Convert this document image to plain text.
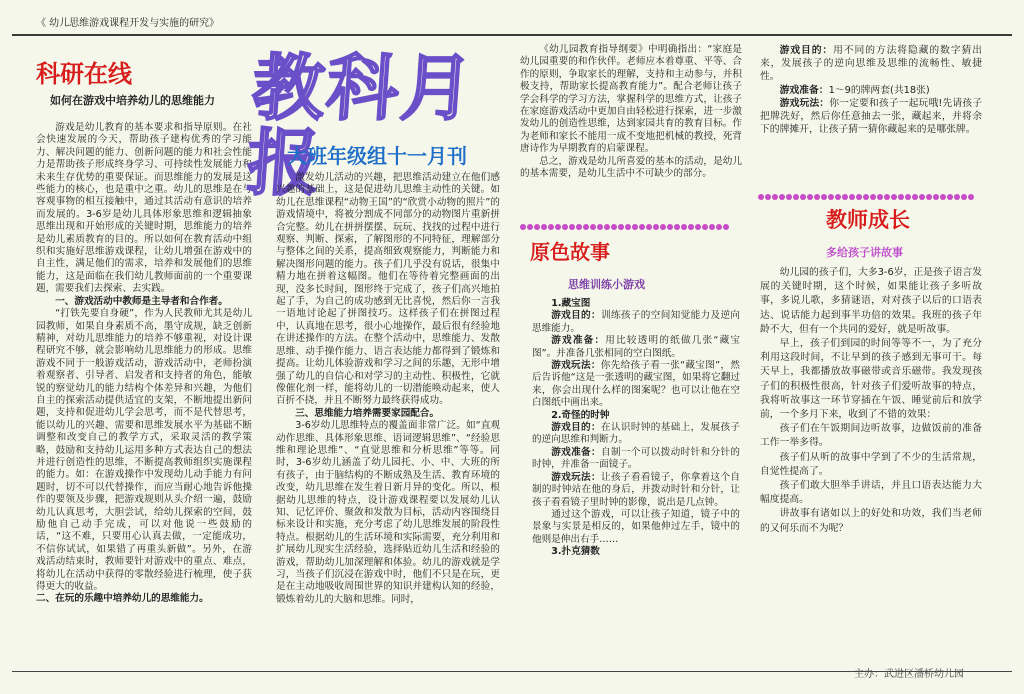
《 幼儿思维游戏课程开发与实施的研究》
科研在线
如何在游戏中培养幼儿的思维能力

游戏是幼儿教育的基本要求和指导原则。在社会快速发展的今天，帮助孩子建构优秀的学习能力、解决问题的能力、创新问题的能力和社会性能力是帮助孩子形成终身学习、可持续性发展能力和未来生存优势的重要保证。而思维能力的发展是这些能力的核心，也是重中之重。幼儿的思维是在与容观事物的相互接触中，通过其活动有意识的培养而发展的。3-6岁是幼儿具体形象思维和逻辑抽象思维出现和开始形成的关键时期，思维能力的培养是幼儿素质教育的目的。所以如何在教育活动中组织和实施好思维游戏课程，让幼儿增强在游戏中的自主性，满足他们的需求，培养和发展他们的思维能力，这是面临在我们幼儿教师面前的一个重要课题，需要我们去探索、去实践。

一、游戏活动中教师是主导者和合作者。

“打铁先要自身硬”，作为人民教师尤其是幼儿园教师，如果自身素质不高，墨守成规，缺乏创新精神，对幼儿思维能力的培养不够重视，对设计课程研究不够，就会影响幼儿思维能力的形成。思维游戏不同于一般游戏活动，游戏活动中，老师扮演着观察者、引导者、启发者和支持者的角色，能敏锐的察觉幼儿的能力结构个体差异和兴趣，为他们自主的探索活动提供适宜的支架，不断地提出新问题，支持和促进幼儿学会思考，而不是代替思考，能以幼儿的兴趣、需要和思维发展水平为基础不断调整和改变自己的教学方式，采取灵活的教学策略，鼓励和支持幼儿运用多种方式表达自己的想法并进行创造性的思维，不断提高教师组织实施课程的能力。如：在游戏操作中发现幼儿动手能力有问题时，切不可以代替操作，而应当耐心地告诉他操作的要领及步骤，把游戏规则从头介绍一遍，鼓励幼儿认真思考，大胆尝试，给幼儿探索的空间，鼓励他自己动手完成，可以对他说一些鼓励的话，“这不难，只要用心认真去做，一定能成功，不信你试试，如果错了再重头新做”。另外，在游戏活动结束时，教师要针对游戏中的重点、难点，将幼儿在活动中获得的零散经验进行梳理，使子获得更大的收益。

二、在玩的乐趣中培养幼儿的思维能力。

教科月报
大班年级组十一月刊

激发幼儿活动的兴趣，把思维活动建立在他们感兴趣的基础上，这是促进幼儿思维主动性的关键。如幼儿在思维课程“动物王国”的“欣赏小动物的照片”的游戏情境中，将被分割成不同部分的动物图片重新拼合完整。幼儿在拼拼摆摆、玩玩、找找的过程中进行观察、判断、探索，了解图形的不同特征，理解部分与整体之间的关系，提高细致观察能力，判断能力和解决图形问题的能力。孩子们几乎没有说话，很集中精力地在拼着这幅图。他们在等待着完整画面的出现，没多长时间，图形终于完成了，孩子们高兴地拍起了手，为自己的成功感到无比喜悦，然后你一言我一语地讨论起了拼图技巧。这样孩子们在拼图过程中，认真地在思考，很小心地操作，最后很有经验地在讲述操作的方法。在整个活动中，思维能力、发散思维、动手操作能力、语言表达能力都得到了锻炼和提高。让幼儿体验游戏和学习之间的乐趣，无形中增强了幼儿的自信心和对学习的主动性、积极性，它就像催化剂一样，能将幼儿的一切潜能唤动起来，使人百折不挠，并且不断努力最终获得成功。

三、思维能力培养需要家园配合。

3-6岁幼儿思维特点的覆盖面非常广泛。如“直观动作思维、具体形象思维、语词逻辑思维”、“经验思维和理论思维”、“直觉思维和分析思维”等等。同时，3-6岁幼儿涵盖了幼儿园托、小、中、大班的所有孩子，由于脑结构的不断成熟及生活、教育环境的改变，幼儿思维在发生着日新月异的变化。所以，根据幼儿思维的特点，设计游戏课程要以发展幼儿认知、记忆评价、聚敛和发散为目标，活动内容围绕目标来设计和实施，充分考虑了幼儿思维发展的阶段性特点。根据幼儿的生活环境和实际需要，充分利用和扩展幼儿现实生活经验，选择贴近幼儿生活和经验的游戏，帮助幼儿加深理解和体验。幼儿的游戏就是学习，当孩子们沉浸在游戏中时，他们不只是在玩，更是在主动地吸收周围世界的知识并建构认知的经验，锻炼着幼儿的大脑和思维。同时，

《幼儿园教育指导纲要》中明确指出：“家庭是幼儿园重要的和作伙伴。老师应本着尊重、平等、合作的原则，争取家长的理解，支持和主动参与，并积极支持，帮助家长提高教育能力”。配合老师让孩子学会科学的学习方法，掌握科学的思维方式，让孩子在家庭游戏活动中更加自由轻松进行探索，进一步激发幼儿的创造性思维，达到家园共育的教育目标。作为老师和家长不能用一成不变地把机械的教授，死背唐诗作为早期教育的启蒙课程。

总之，游戏是幼儿所喜爱的基本的活动，是幼儿的基本需要，是幼儿生活中不可缺少的部分。

原色故事
思维训练小游戏

1.藏宝图

游戏目的：训练孩子的空间知觉能力及逆向思维能力。

游戏准备：用比较透明的纸做几张“藏宝图”。并准备几张相同的空白图纸。

游戏玩法：你先给孩子看一张“藏宝图”，然后告诉他“这是一张透明的藏宝图，如果将它翻过来，你会出现什么样的图案呢？也可以让他在空白图纸中画出来。

2.奇怪的时钟

游戏目的：在认识时钟的基础上，发展孩子的逆向思维和判断力。

游戏准备：自制一个可以拨动时针和分针的时钟，并准备一面镜子。

游戏玩法：让孩子看看镜子，你拿着这个自制的时钟站在他的身后，并拨动时针和分针，让孩子看看镜子里时钟的影像，说出是几点钟。

通过这个游戏，可以让孩子知道，镜子中的景象与实景是相反的，如果他伸过左手，镜中的他则是伸出右手……

3.扑克猜数

游戏目的：用不同的方法将隐藏的数字猜出来，发展孩子的逆向思维及思维的流畅性、敏捷性。

游戏准备：1～9的牌两套(共18张)

游戏玩法：你一定要和孩子一起玩哦!先请孩子把牌洗好，然后你任意抽去一张，藏起来，并将余下的牌摊开，让孩子猜一猜你藏起来的是哪张牌。

教师成长
多给孩子讲故事

幼儿园的孩子们，大多3-6岁，正是孩子语言发展的关键时期，这个时候，如果能让孩子多听故事，多说儿歌，多猜谜语，对对孩子以后的口语表达、说话能力起到事半功倍的效果。我班的孩子年龄不大，但有一个共同的爱好，就是听故事。

早上，孩子们到园的时间等等不一，为了充分利用这段时间，不让早到的孩子感到无事可干。每天早上，我都播放故事磁带或音乐磁带。我发现孩子们的积极性很高，针对孩子们爱听故事的特点，我将听故事这一环节穿插在午饭、睡觉前后和放学前，一个多月下来，收到了不错的效果：

孩子们在午饭期间边听故事，边做饭前的准备工作一举多得。

孩子们从听的故事中学到了不少的生活常规，自觉性提高了。

孩子们敢大胆举手讲话，并且口语表达能力大幅度提高。

讲故事有诸如以上的好处和功效，我们当老师的又何乐而不为呢？

主办：武进区潘桥幼儿园
